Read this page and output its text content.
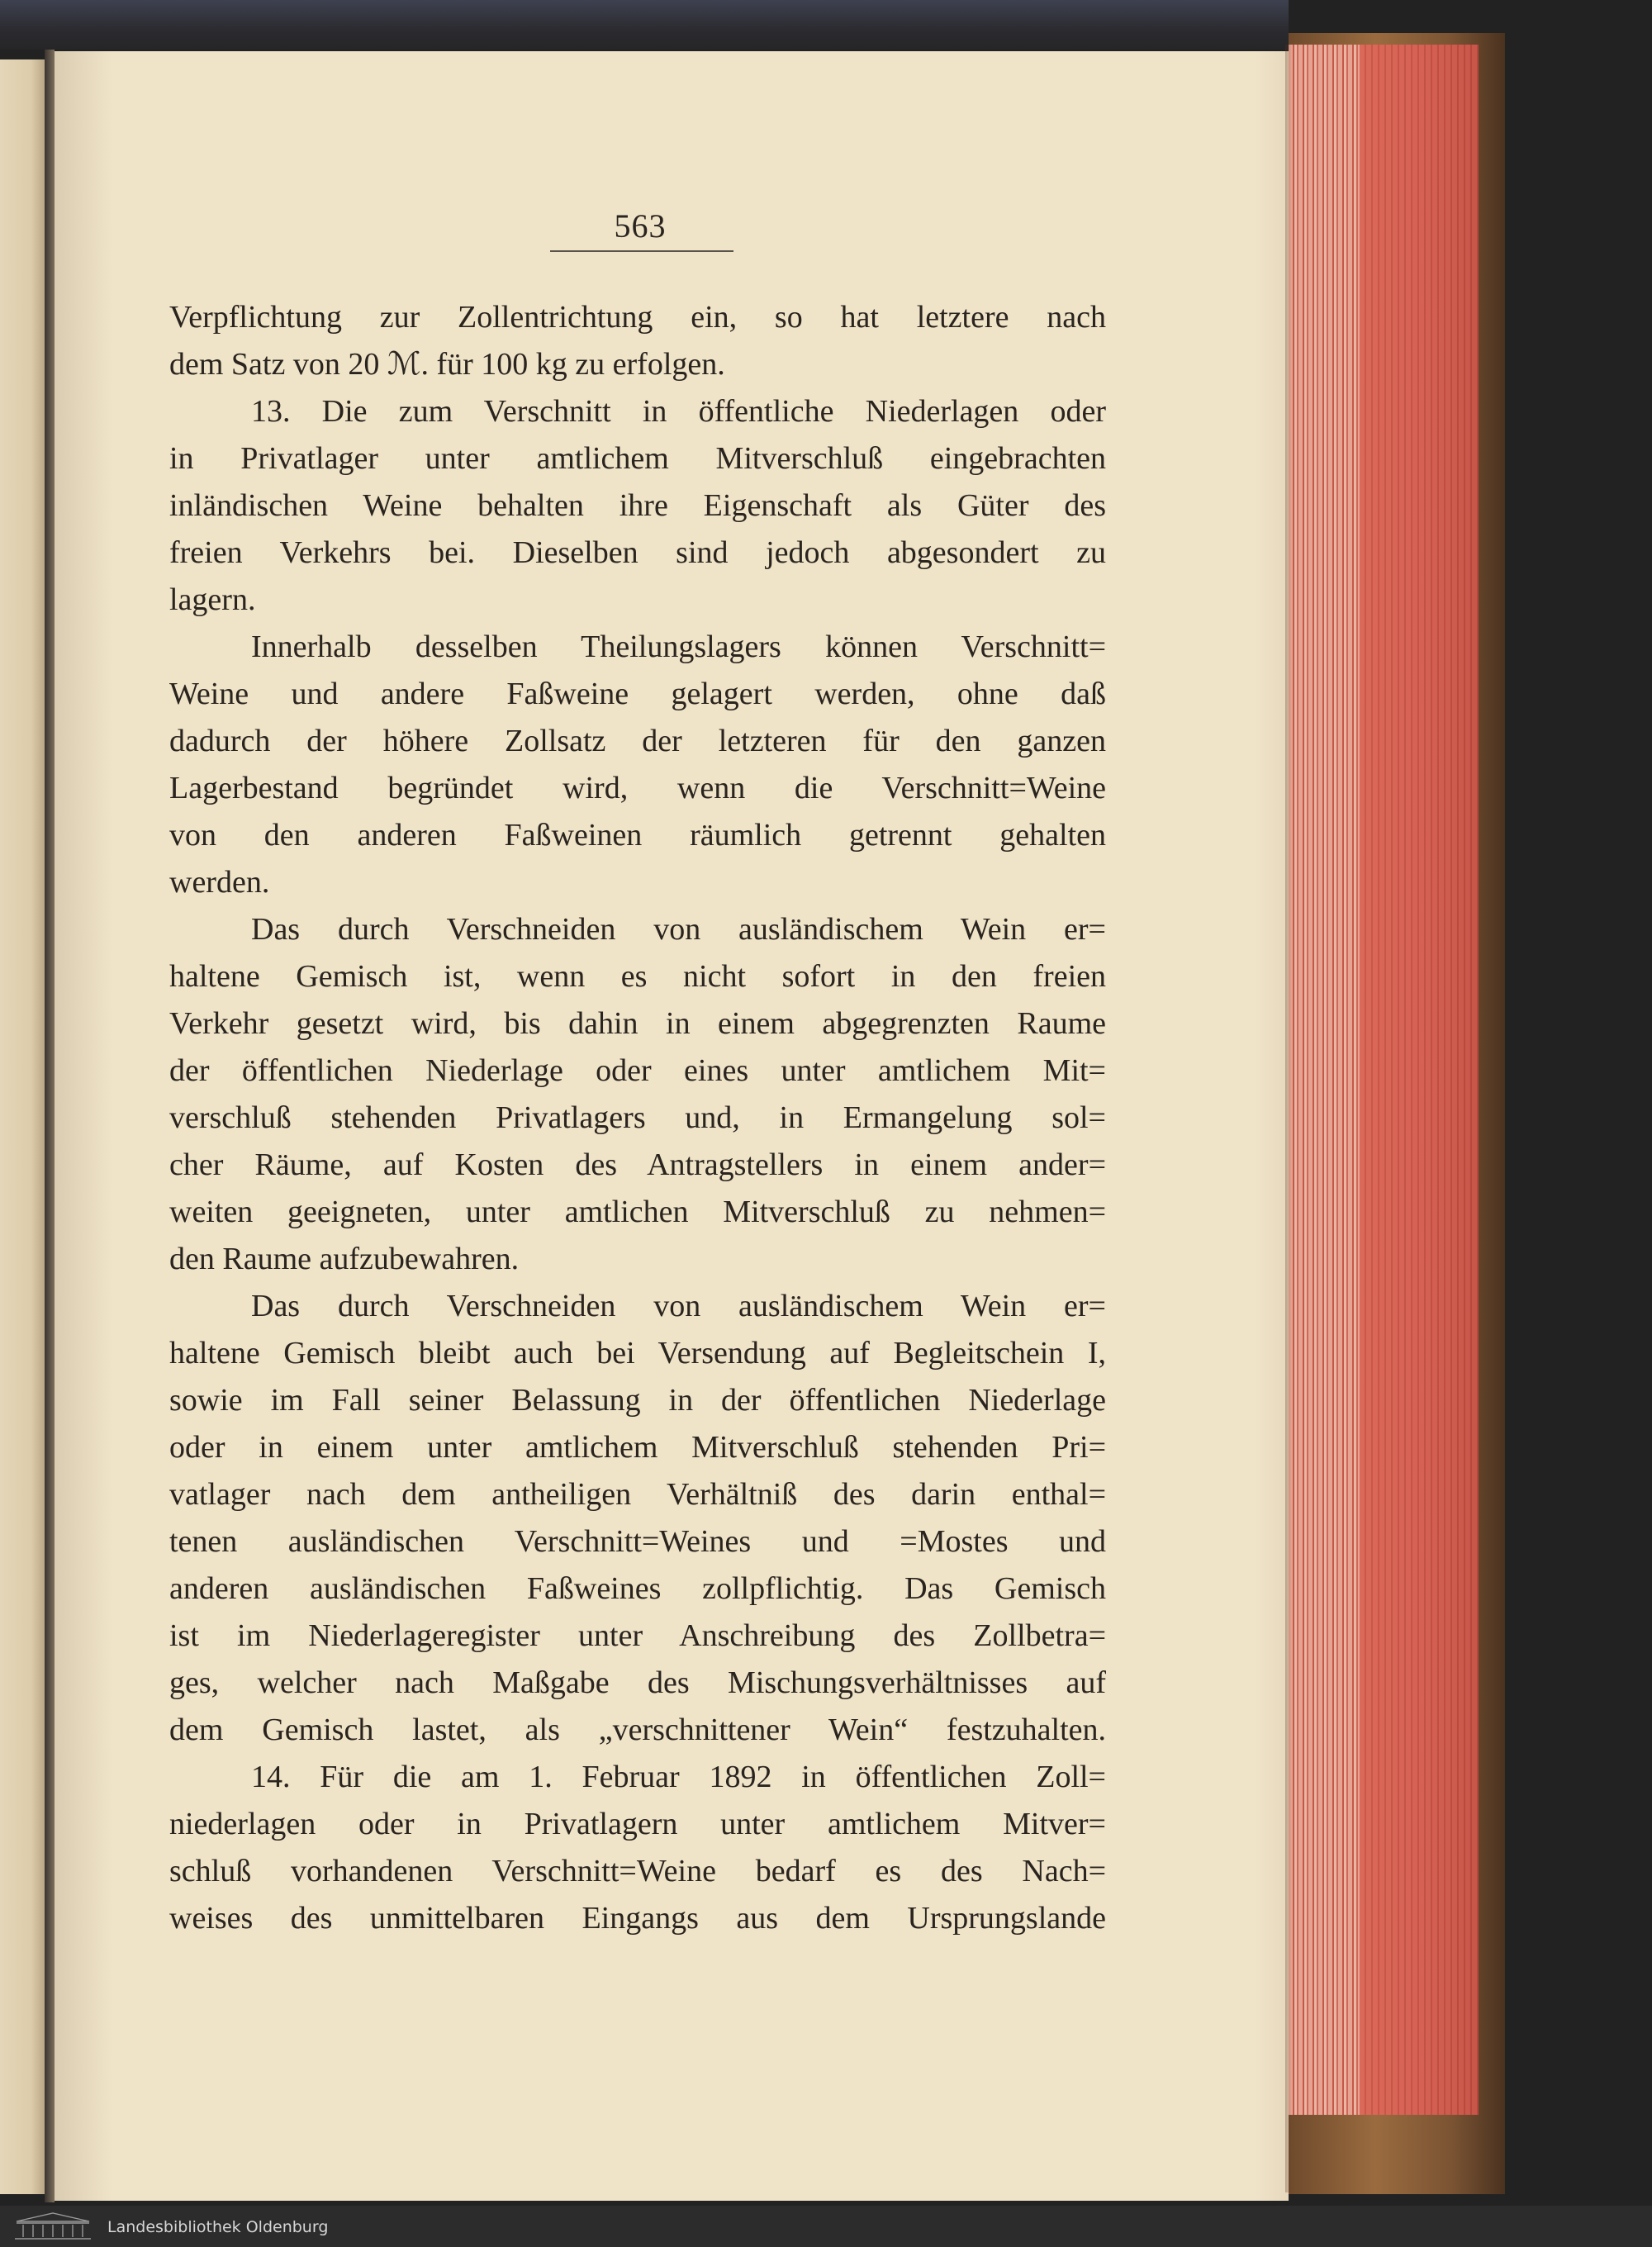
563
Verpflichtung zur Zollentrichtung ein, so hat letztere nach
dem Satz von 20 ℳ. für 100 kg zu erfolgen.
13. Die zum Verschnitt in öffentliche Niederlagen oder
in Privatlager unter amtlichem Mitverschluß eingebrachten
inländischen Weine behalten ihre Eigenschaft als Güter des
freien Verkehrs bei. Dieselben sind jedoch abgesondert zu
lagern.
Innerhalb desselben Theilungslagers können Verschnitt=
Weine und andere Faßweine gelagert werden, ohne daß
dadurch der höhere Zollsatz der letzteren für den ganzen
Lagerbestand begründet wird, wenn die Verschnitt=Weine
von den anderen Faßweinen räumlich getrennt gehalten
werden.
Das durch Verschneiden von ausländischem Wein er=
haltene Gemisch ist, wenn es nicht sofort in den freien
Verkehr gesetzt wird, bis dahin in einem abgegrenzten Raume
der öffentlichen Niederlage oder eines unter amtlichem Mit=
verschluß stehenden Privatlagers und, in Ermangelung sol=
cher Räume, auf Kosten des Antragstellers in einem ander=
weiten geeigneten, unter amtlichen Mitverschluß zu nehmen=
den Raume aufzubewahren.
Das durch Verschneiden von ausländischem Wein er=
haltene Gemisch bleibt auch bei Versendung auf Begleitschein I,
sowie im Fall seiner Belassung in der öffentlichen Niederlage
oder in einem unter amtlichem Mitverschluß stehenden Pri=
vatlager nach dem antheiligen Verhältniß des darin enthal=
tenen ausländischen Verschnitt=Weines und =Mostes und
anderen ausländischen Faßweines zollpflichtig. Das Gemisch
ist im Niederlageregister unter Anschreibung des Zollbetra=
ges, welcher nach Maßgabe des Mischungsverhältnisses auf
dem Gemisch lastet, als „verschnittener Wein“ festzuhalten.
14. Für die am 1. Februar 1892 in öffentlichen Zoll=
niederlagen oder in Privatlagern unter amtlichem Mitver=
schluß vorhandenen Verschnitt=Weine bedarf es des Nach=
weises des unmittelbaren Eingangs aus dem Ursprungslande
Landesbibliothek Oldenburg
